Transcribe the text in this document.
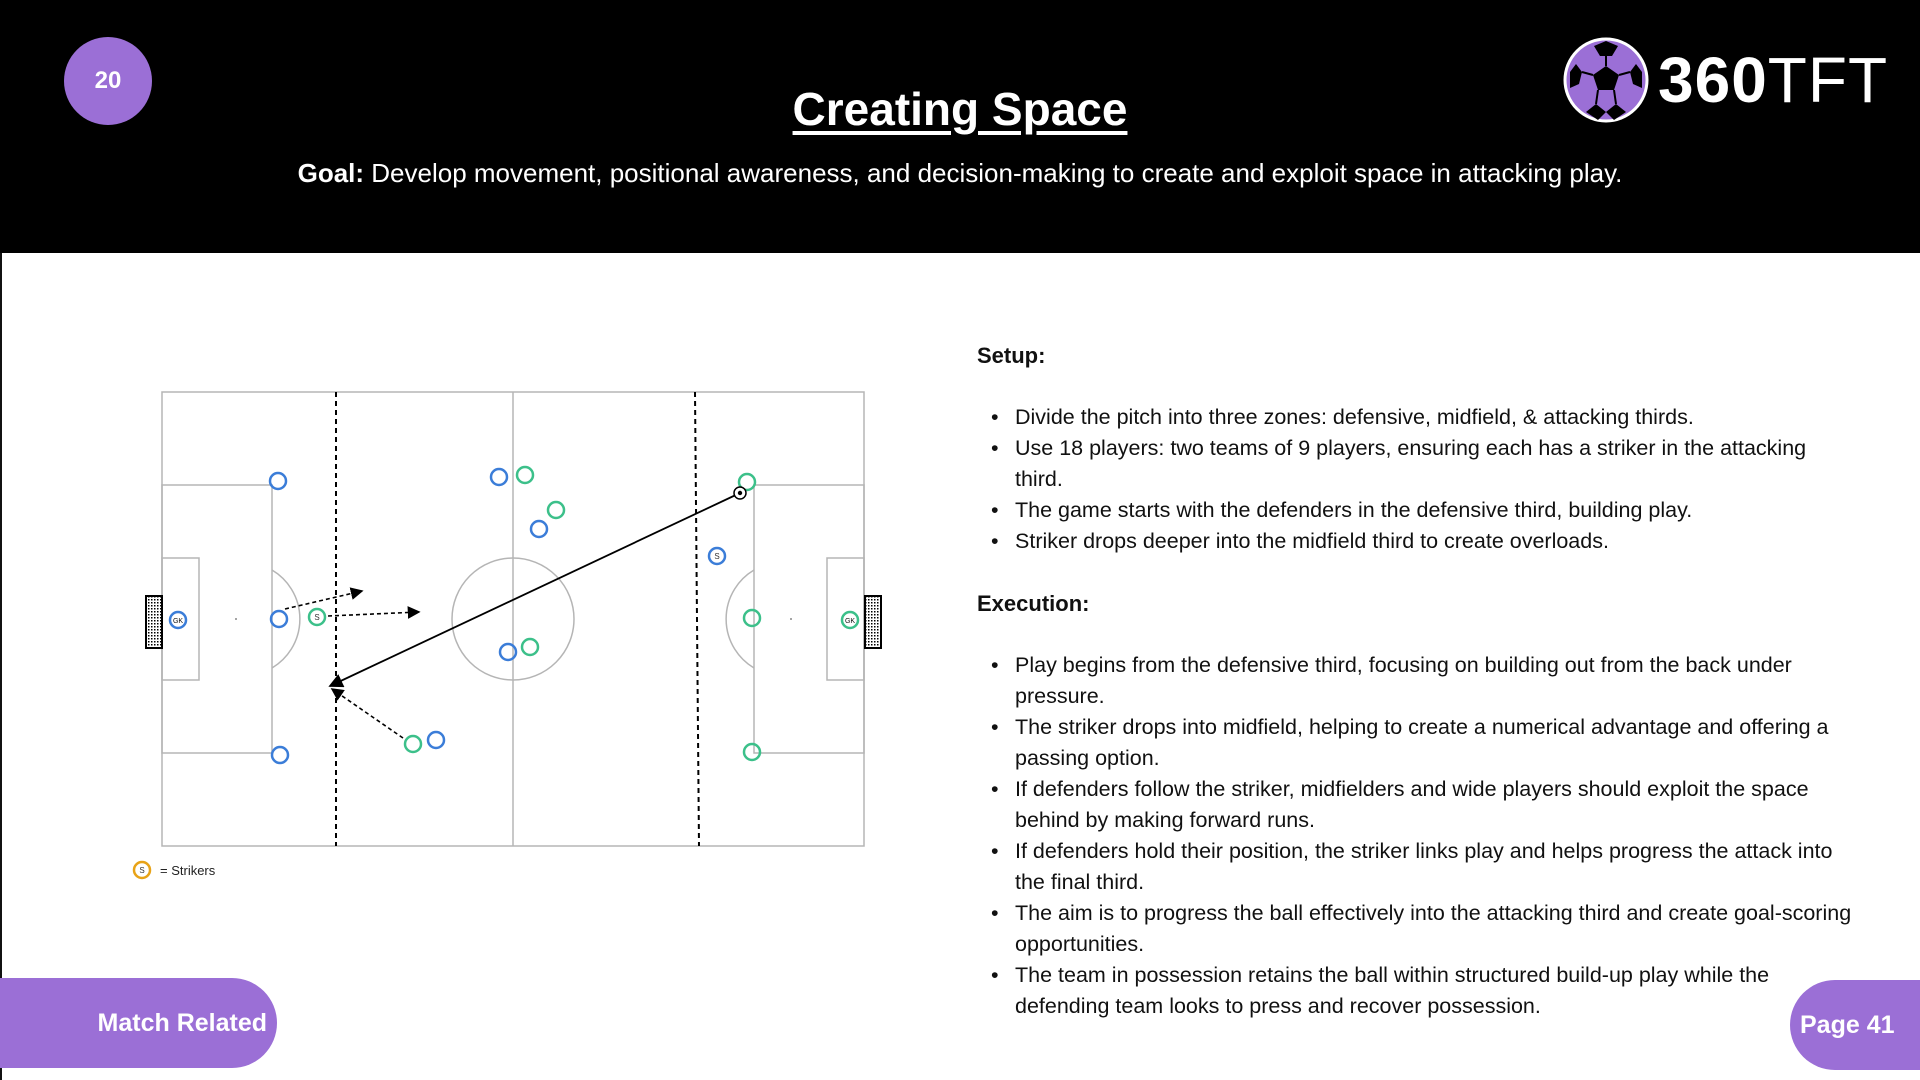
20
Creating Space
Goal: Develop movement, positional awareness, and decision-making to create and exploit space in attacking play.
360TFT
S
S
GK	GK
S = Strikers
Setup:
• Divide the pitch into three zones: defensive, midfield, & attacking thirds.
• Use 18 players: two teams of 9 players, ensuring each has a striker in the attacking third.
• The game starts with the defenders in the defensive third, building play.
• Striker drops deeper into the midfield third to create overloads.
Execution:
• Play begins from the defensive third, focusing on building out from the back under pressure.
• The striker drops into midfield, helping to create a numerical advantage and offering a passing option.
• If defenders follow the striker, midfielders and wide players should exploit the space behind by making forward runs.
• If defenders hold their position, the striker links play and helps progress the attack into the final third.
• The aim is to progress the ball effectively into the attacking third and create goal-scoring opportunities.
• The team in possession retains the ball within structured build-up play while the defending team looks to press and recover possession.
Match Related	Page 41
